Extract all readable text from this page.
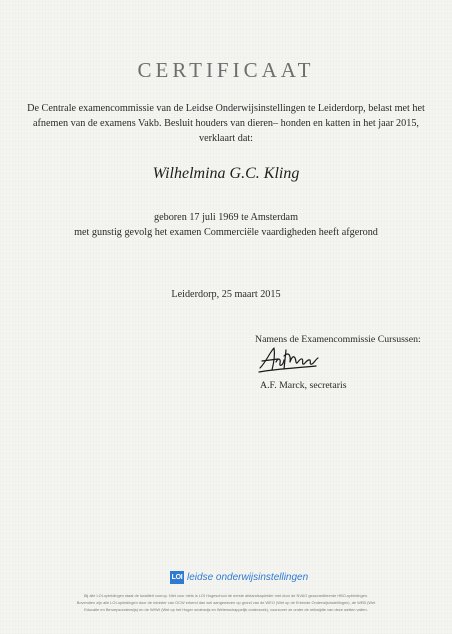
CERTIFICAAT
De Centrale examencommissie van de Leidse Onderwijsinstellingen te Leiderdorp, belast met het
afnemen van de examens Vakb. Besluit houders van dieren– honden en katten in het jaar 2015,
verklaart dat:
Wilhelmina G.C. Kling
geboren 17 juli 1969 te Amsterdam
met gunstig gevolg het examen Commerciële vaardigheden heeft afgerond
Leiderdorp, 25 maart 2015
Namens de Examencommissie Cursussen:
A.F. Marck, secretaris
LOI leidse onderwijsinstellingen
Bij alle LOI-opleidingen staat de kwaliteit voorop. Niet voor niets is LOI Hogeschool de eerste afstandsopleider met door de NVAO geaccrediteerde HBO-opleidingen.
Bovendien zijn alle LOI-opleidingen door de minister van OCW erkend dan wel aangewezen op grond van de WEO (Wet op de Erkende Onderwijsinstellingen), de WEB (Wet
Educatie en Beroepsonderwijs) en de WHW (Wet op het Hoger onderwijs en Wetenschappelijk onderzoek), voorzover ze onder de reikwijdte van deze wetten vallen.
